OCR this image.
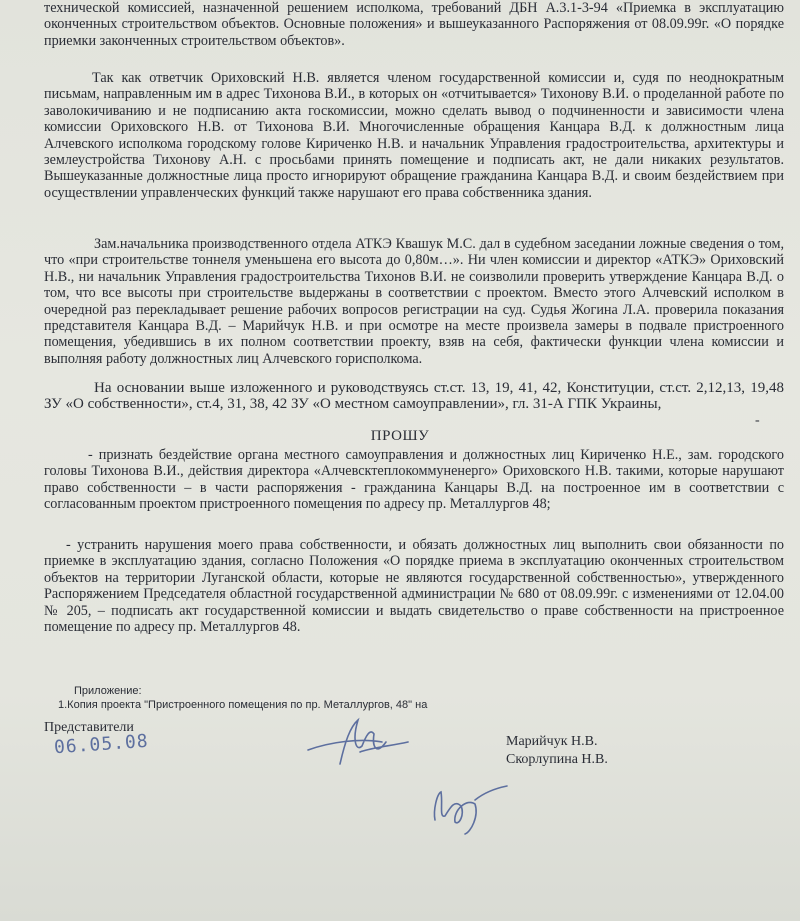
технической комиссией, назначенной решением исполкома, требований ДБН А.3.1-3-94 «Приемка в эксплуатацию оконченных строительством объектов. Основные положения» и вышеуказанного Распоряжения от 08.09.99г. «О порядке приемки законченных строительством объектов».

Так как ответчик Ориховский Н.В. является членом государственной комиссии и, судя по неоднократным письмам, направленным им в адрес Тихонова В.И., в которых он «отчитывается» Тихонову В.И. о проделанной работе по заволокичиванию и не подписанию акта госкомиссии, можно сделать вывод о подчиненности и зависимости члена комиссии Ориховского Н.В. от Тихонова В.И. Многочисленные обращения Канцара В.Д. к должностным лица Алчевского исполкома городскому голове Кириченко Н.В. и начальник Управления градостроительства, архитектуры и землеустройства Тихонову А.Н. с просьбами принять помещение и подписать акт, не дали никаких результатов. Вышеуказанные должностные лица просто игнорируют обращение гражданина Канцара В.Д. и своим бездействием при осуществлении управленческих функций также нарушают его права собственника здания.

Зам.начальника производственного отдела АТКЭ Квашук М.С. дал в судебном заседании ложные сведения о том, что «при строительстве тоннеля уменьшена его высота до 0,80м…». Ни член комиссии и директор «АТКЭ» Ориховский Н.В., ни начальник Управления градостроительства Тихонов В.И. не соизволили проверить утверждение Канцара В.Д. о том, что все высоты при строительстве выдержаны в соответствии с проектом. Вместо этого Алчевский исполком в очередной раз перекладывает решение рабочих вопросов регистрации на суд. Судья Жогина Л.А. проверила показания представителя Канцара В.Д. – Марийчук Н.В. и при осмотре на месте произвела замеры в подвале пристроенного помещения, убедившись в их полном соответствии проекту, взяв на себя, фактически функции члена комиссии и выполняя работу должностных лиц Алчевского горисполкома.

-

На основании выше изложенного и руководствуясь ст.ст. 13, 19, 41, 42, Конституции, ст.ст. 2,12,13, 19,48 ЗУ «О собственности», ст.4, 31, 38, 42 ЗУ «О местном самоуправлении», гл. 31-А ГПК Украины,

ПРОШУ

- признать бездействие органа местного самоуправления и должностных лиц Кириченко Н.Е., зам. городского головы Тихонова В.И., действия директора «Алчевсктеплокоммуненерго» Ориховского Н.В. такими, которые нарушают право собственности – в части распоряжения - гражданина Канцары В.Д. на построенное им в соответствии с согласованным проектом пристроенного помещения по адресу пр. Металлургов 48;

- устранить нарушения моего права собственности, и обязать должностных лиц выполнить свои обязанности по приемке в эксплуатацию здания, согласно Положения «О порядке приема в эксплуатацию оконченных строительством объектов на территории Луганской области, которые не являются государственной собственностью», утвержденного Распоряжением Председателя областной государственной администрации № 680 от 08.09.99г. с изменениями от 12.04.00 № 205, – подписать акт государственной комиссии и выдать свидетельство о праве собственности на пристроенное помещение по адресу пр. Металлургов 48.

Приложение:
1.Копия проекта "Пристроенного помещения по пр. Металлургов, 48" на
Представители
06.05.08	Марийчук Н.В.
Скорлупина Н.В.
